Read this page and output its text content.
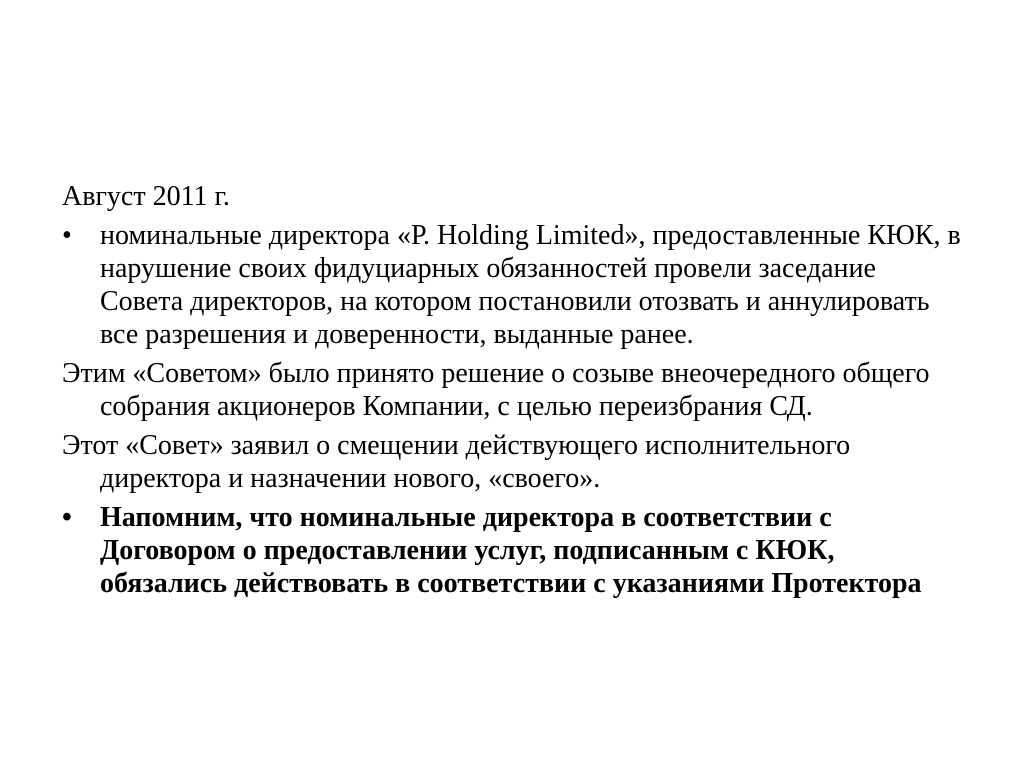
Август 2011 г.

•	номинальные директора «Р. Holding Limited», предоставленные КЮК, в нарушение своих фидуциарных обязанностей провели заседание Совета директоров, на котором постановили отозвать и аннулировать все разрешения и доверенности, выданные ранее.

Этим «Советом» было принято решение о созыве внеочередного общего собрания акционеров Компании, с целью переизбрания СД.

Этот «Совет» заявил о смещении действующего исполнительного директора и назначении нового, «своего».

•	Напомним, что номинальные директора в соответствии с Договором о предоставлении услуг, подписанным с КЮК, обязались действовать в соответствии с указаниями Протектора
